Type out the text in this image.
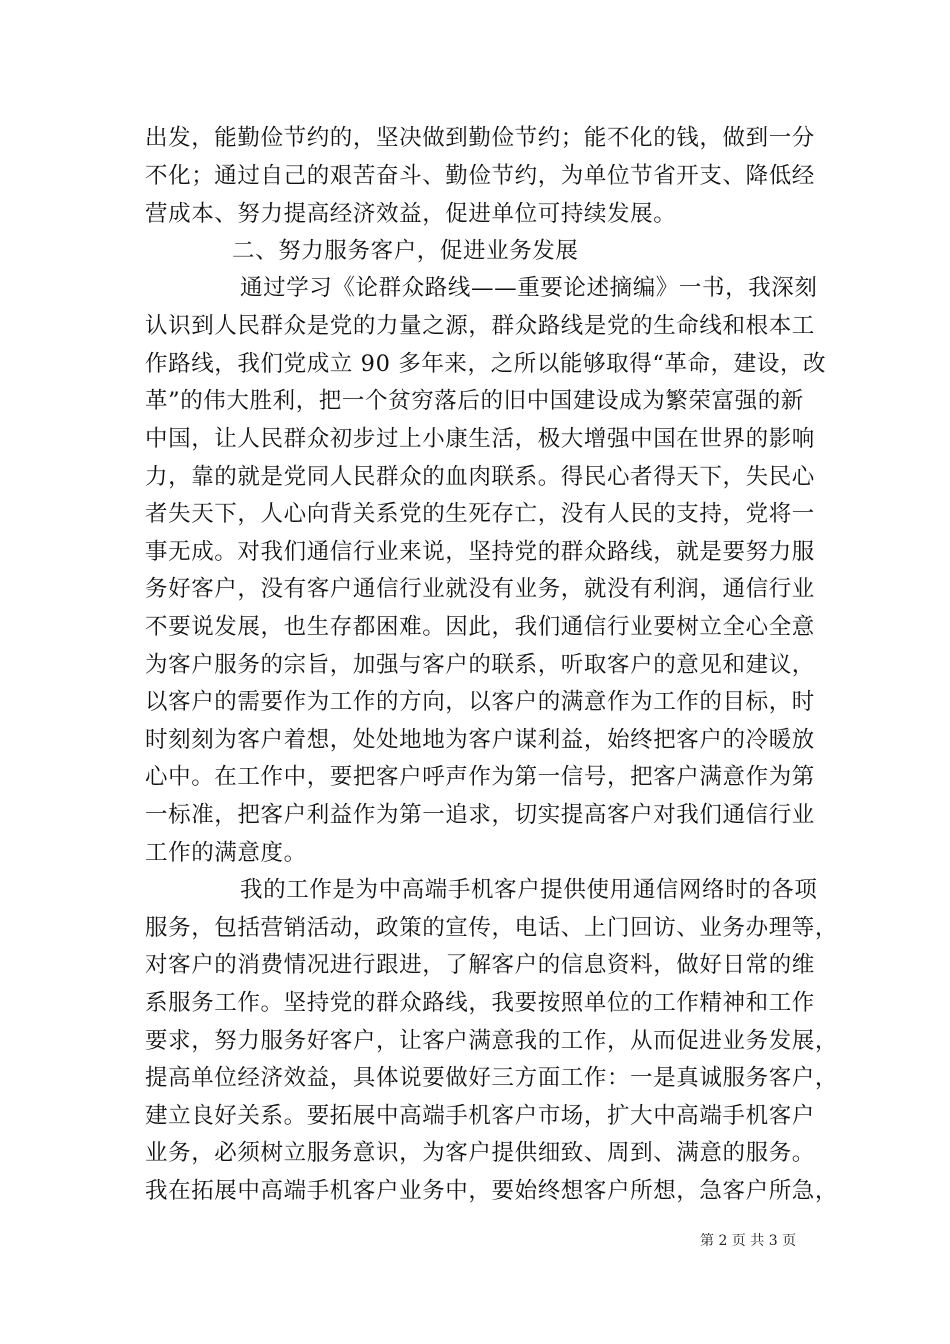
出发，能勤俭节约的，坚决做到勤俭节约；能不化的钱，做到一分
不化；通过自己的艰苦奋斗、勤俭节约，为单位节省开支、降低经
营成本、努力提高经济效益，促进单位可持续发展。
二、努力服务客户，促进业务发展
通过学习《论群众路线——重要论述摘编》一书，我深刻
认识到人民群众是党的力量之源，群众路线是党的生命线和根本工
作路线，我们党成立 90 多年来，之所以能够取得“革命，建设，改
革”的伟大胜利，把一个贫穷落后的旧中国建设成为繁荣富强的新
中国，让人民群众初步过上小康生活，极大增强中国在世界的影响
力，靠的就是党同人民群众的血肉联系。得民心者得天下，失民心
者失天下，人心向背关系党的生死存亡，没有人民的支持，党将一
事无成。对我们通信行业来说，坚持党的群众路线，就是要努力服
务好客户，没有客户通信行业就没有业务，就没有利润，通信行业
不要说发展，也生存都困难。因此，我们通信行业要树立全心全意
为客户服务的宗旨，加强与客户的联系，听取客户的意见和建议，
以客户的需要作为工作的方向，以客户的满意作为工作的目标，时
时刻刻为客户着想，处处地地为客户谋利益，始终把客户的冷暖放
心中。在工作中，要把客户呼声作为第一信号，把客户满意作为第
一标准，把客户利益作为第一追求，切实提高客户对我们通信行业
工作的满意度。
我的工作是为中高端手机客户提供使用通信网络时的各项
服务，包括营销活动，政策的宣传，电话、上门回访、业务办理等，
对客户的消费情况进行跟进，了解客户的信息资料，做好日常的维
系服务工作。坚持党的群众路线，我要按照单位的工作精神和工作
要求，努力服务好客户，让客户满意我的工作，从而促进业务发展，
提高单位经济效益，具体说要做好三方面工作：一是真诚服务客户，
建立良好关系。要拓展中高端手机客户市场，扩大中高端手机客户
业务，必须树立服务意识，为客户提供细致、周到、满意的服务。
我在拓展中高端手机客户业务中，要始终想客户所想，急客户所急，
第 2 页 共 3 页
